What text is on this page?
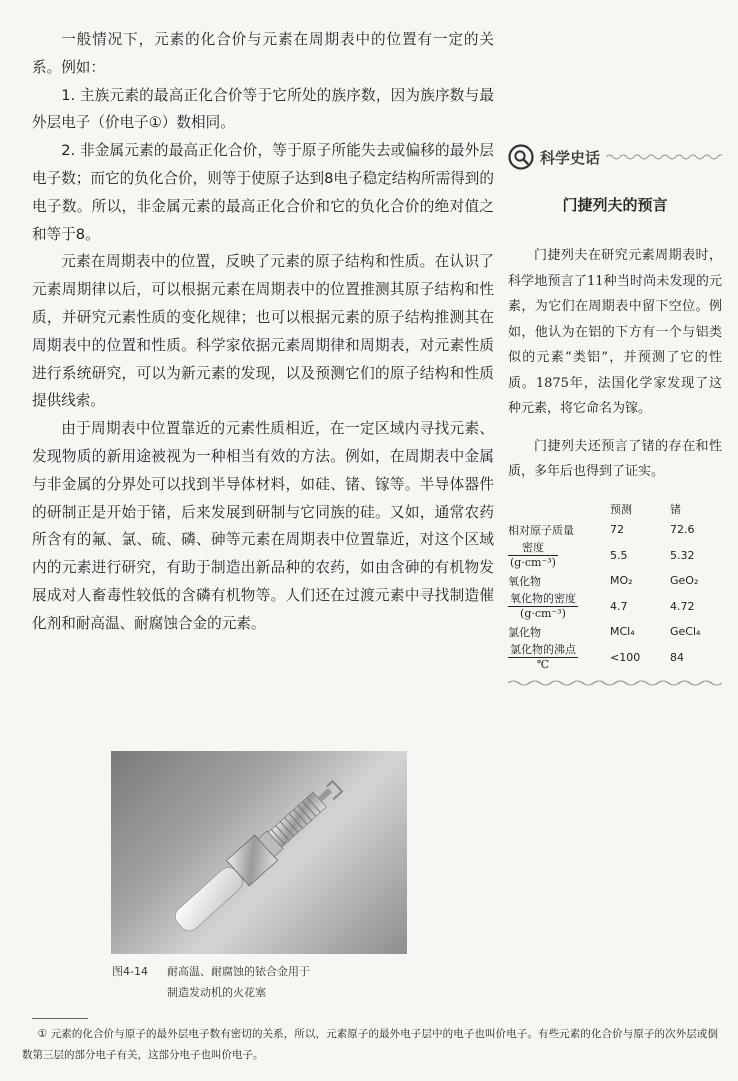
一般情况下，元素的化合价与元素在周期表中的位置有一定的关系。例如：

1. 主族元素的最高正化合价等于它所处的族序数，因为族序数与最外层电子（价电子①）数相同。

2. 非金属元素的最高正化合价，等于原子所能失去或偏移的最外层电子数；而它的负化合价，则等于使原子达到8电子稳定结构所需得到的电子数。所以，非金属元素的最高正化合价和它的负化合价的绝对值之和等于8。

元素在周期表中的位置，反映了元素的原子结构和性质。在认识了元素周期律以后，可以根据元素在周期表中的位置推测其原子结构和性质，并研究元素性质的变化规律；也可以根据元素的原子结构推测其在周期表中的位置和性质。科学家依据元素周期律和周期表，对元素性质进行系统研究，可以为新元素的发现，以及预测它们的原子结构和性质提供线索。

由于周期表中位置靠近的元素性质相近，在一定区域内寻找元素、发现物质的新用途被视为一种相当有效的方法。例如，在周期表中金属与非金属的分界处可以找到半导体材料，如硅、锗、镓等。半导体器件的研制正是开始于锗，后来发展到研制与它同族的硅。又如，通常农药所含有的氟、氯、硫、磷、砷等元素在周期表中位置靠近，对这个区域内的元素进行研究，有助于制造出新品种的农药，如由含砷的有机物发展成对人畜毒性较低的含磷有机物等。人们还在过渡元素中寻找制造催化剂和耐高温、耐腐蚀合金的元素。

科学史话
门捷列夫的预言

门捷列夫在研究元素周期表时，科学地预言了11种当时尚未发现的元素，为它们在周期表中留下空位。例如，他认为在铝的下方有一个与铝类似的元素“类铝”，并预测了它的性质。1875年，法国化学家发现了这种元素，将它命名为镓。

门捷列夫还预言了锗的存在和性质，多年后也得到了证实。

	预测	锗
相对原子质量	72	72.6

$\frac{\text{密度}}{\text{(g·cm⁻³)}}$	5.5	5.32
氧化物	MO₂	GeO₂

$\frac{\text{氧化物的密度}}{\text{(g·cm⁻³)}}$	4.7	4.72
氯化物	MCl₄	GeCl₄

$\frac{\text{氯化物的沸点}}{℃}$	<100	84
图4-14 耐高温、耐腐蚀的铱合金用于
制造发动机的火花塞
① 元素的化合价与原子的最外层电子数有密切的关系，所以，元素原子的最外电子层中的电子也叫价电子。有些元素的化合价与原子的次外层或倒数第三层的部分电子有关，这部分电子也叫价电子。
